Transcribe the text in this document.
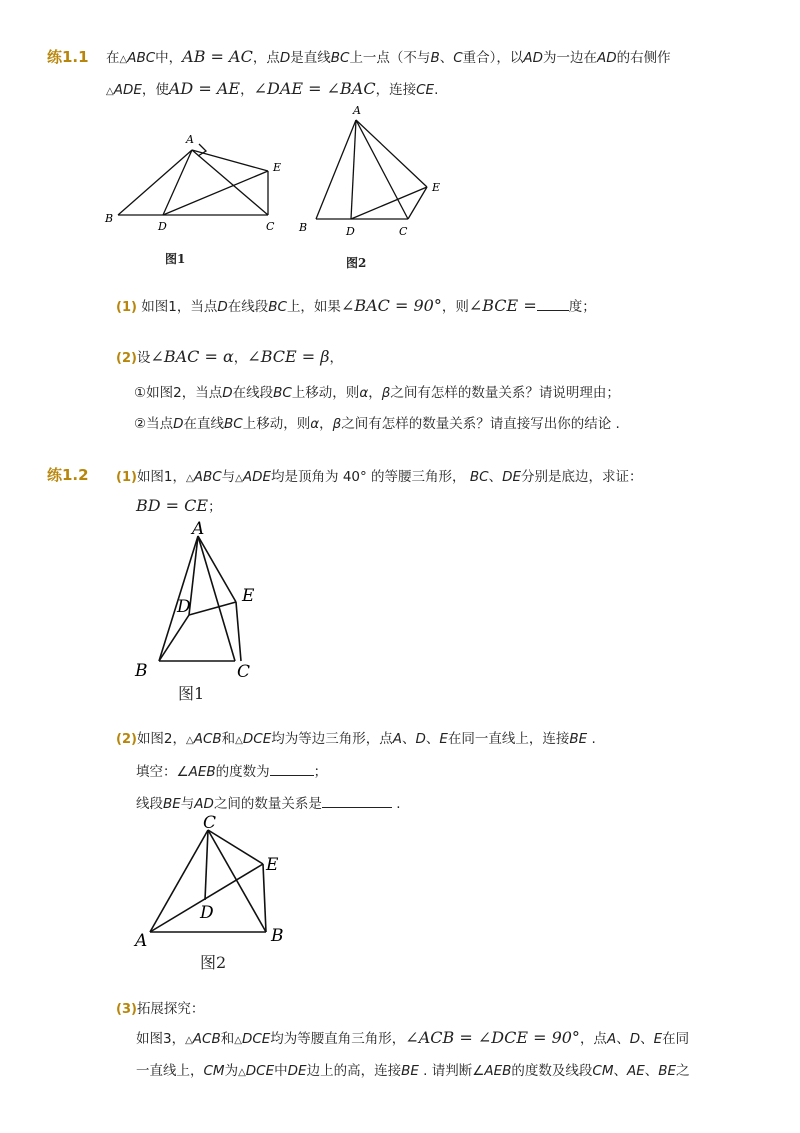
练1.1 在△ABC中，AB = AC，点D是直线BC上一点（不与B、C重合），以AD为一边在AD的右侧作
△ADE，使AD = AE，∠DAE = ∠BAC，连接CE.
A
B
C
D
E
图1
A
B	C
D
E
图2
(1) 如图1，当点D在线段BC上，如果∠BAC = 90°，则∠BCE = 度；
(2)设∠BAC = α，∠BCE = β，
①如图2，当点D在线段BC上移动，则α，β之间有怎样的数量关系？请说明理由；
②当点D在直线BC上移动，则α，β之间有怎样的数量关系？请直接写出你的结论 .
练1.2 (1)如图1，△ABC与△ADE均是顶角为 40° 的等腰三角形， BC、DE分别是底边，求证：
BD = CE；
A
B	C
D
E
图1
(2)如图2，△ACB和△DCE均为等边三角形，点A、D、E在同一直线上，连接BE .
填空：∠AEB的度数为	；
线段BE与AD之间的数量关系是	.
C
A	B
D
E
图2
(3)拓展探究：
如图3，△ACB和△DCE均为等腰直角三角形，∠ACB = ∠DCE = 90°，点A、D、E在同
一直线上，CM为△DCE中DE边上的高，连接BE . 请判断∠AEB的度数及线段CM、AE、BE之
